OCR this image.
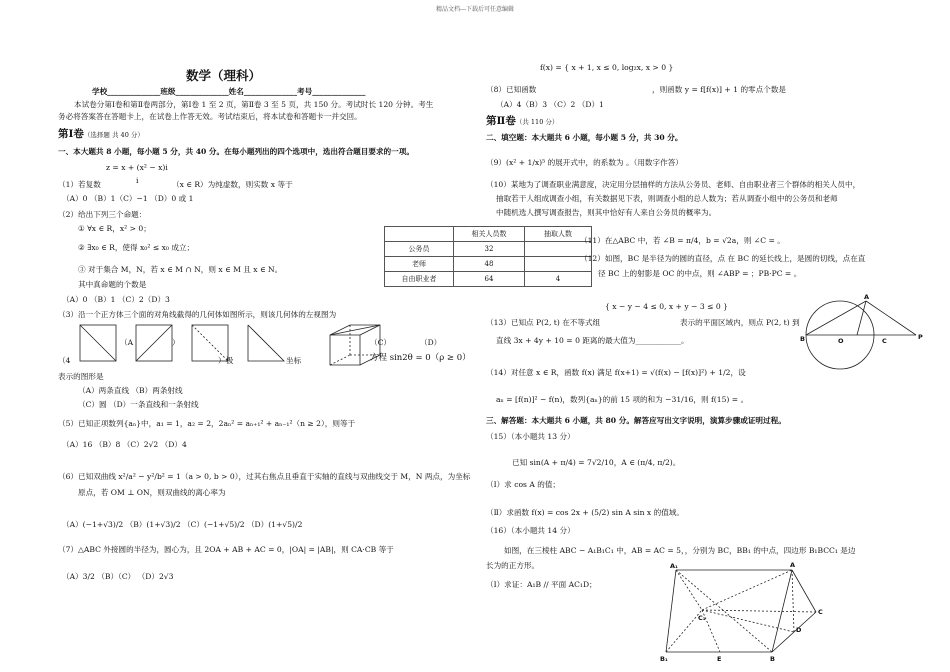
精品文档---下载后可任意编辑
数学（理科）
学校______________班级______________姓名______________考号______________
本试卷分第Ⅰ卷和第Ⅱ卷两部分，第Ⅰ卷 1 至 2 页，第Ⅱ卷 3 至 5 页，共 150 分。考试时长 120 分钟。考生
务必将答案答在答题卡上，在试卷上作答无效。考试结束后，将本试卷和答题卡一并交回。
第Ⅰ卷（选择题 共 40 分）
一、本大题共 8 小题，每小题 5 分，共 40 分。在每小题列出的四个选项中，选出符合题目要求的一项。
z = x + (x² − x)i
i
（1）若复数	（x ∈ R）为纯虚数，则实数 x 等于
（A）0 （B）1（C）−1 （D）0 或 1
（2）给出下列三个命题：
① ∀x ∈ R，x² > 0；
② ∃x₀ ∈ R，使得 x₀² ≤ x₀ 成立；
③ 对于集合 M，N，若 x ∈ M ∩ N，则 x ∈ M 且 x ∈ N。
其中真命题的个数是
（A）0 （B）1 （C）2（D）3
（3）沿一个正方体三个面的对角线截得的几何体如图所示，则该几何体的左视图为
（A	）	（C）	（D）
（4	）极	坐标	方程 sin2θ = 0（ρ ≥ 0）
表示的图形是
（A）两条直线 （B）两条射线
（C）圆 （D）一条直线和一条射线
（5）已知正项数列{aₙ}中，a₁ = 1，a₂ = 2，2aₙ² = aₙ₊₁² + aₙ₋₁²（n ≥ 2），则等于
（A）16 （B）8 （C）2√2 （D）4
（6）已知双曲线 x²/a² − y²/b² = 1（a > 0, b > 0），过其右焦点且垂直于实轴的直线与双曲线交于 M，N 两点，为坐标
原点，若 OM ⊥ ON，则双曲线的离心率为
（A）(−1+√3)/2 （B）(1+√3)/2 （C）(−1+√5)/2 （D）(1+√5)/2
（7）△ABC 外接圆的半径为，圆心为，且 2OA + AB + AC = 0，|OA| = |AB|，则 CA·CB 等于
（A）3/2 （B）（C） （D）2√3
f(x) = { x + 1, x ≤ 0, log₂x, x > 0 }
（8）已知函数	，则函数 y = f[f(x)] + 1 的零点个数是
（A）4（B）3 （C）2 （D）1
第Ⅱ卷（共 110 分）
二、填空题：本大题共 6 小题，每小题 5 分，共 30 分。
（9）(x² + 1/x)⁵ 的展开式中，的系数为 。（用数字作答）
（10）某地为了调查职业满意度，决定用分层抽样的方法从公务员、老师、自由职业者三个群体的相关人员中，
抽取若干人组成调查小组，有关数据见下表，则调查小组的总人数为；若从调查小组中的公务员和老师
中随机选人撰写调查报告，则其中恰好有人来自公务员的概率为。
	相关人员数	抽取人数
公务员	32	
老师	48	
自由职业者	64	4
（11）在△ABC 中，若 ∠B = π/4，b = √2a，则 ∠C = 。
（12）如图，BC 是半径为的圆的直径，点 在 BC 的延长线上，是圆的切线，点在直
径 BC 上的射影是 OC 的中点，则 ∠ABP = ；PB·PC = 。
B	O	C	P
A
{ x − y − 4 ≤ 0, x + y − 3 ≤ 0 }
（13）已知点 P(2, t) 在不等式组	表示的平面区域内，则点 P(2, t) 到
直线 3x + 4y + 10 = 0 距离的最大值为____________。
（14）对任意 x ∈ R，函数 f(x) 满足 f(x+1) = √(f(x) − [f(x)]²) + 1/2，设
aₙ = [f(n)]² − f(n)，数列{aₙ}的前 15 项的和为 −31/16，则 f(15) = 。
三、解答题：本大题共 6 小题，共 80 分。解答应写出文字说明，演算步骤或证明过程。
（15）（本小题共 13 分）
已知 sin(A + π/4) = 7√2/10，A ∈ (π/4, π/2)。
（Ⅰ）求 cos A 的值；
（Ⅱ）求函数 f(x) = cos 2x + (5/2) sin A sin x 的值域。
（16）（本小题共 14 分）
如图，在三棱柱 ABC − A₁B₁C₁ 中，AB = AC = 5，，分别为 BC，BB₁ 的中点，四边形 B₁BCC₁ 是边
长为的正方形。
（Ⅰ）求证：A₁B // 平面 AC₁D；
A₁	A
C₁
C
D
B₁	E	B
